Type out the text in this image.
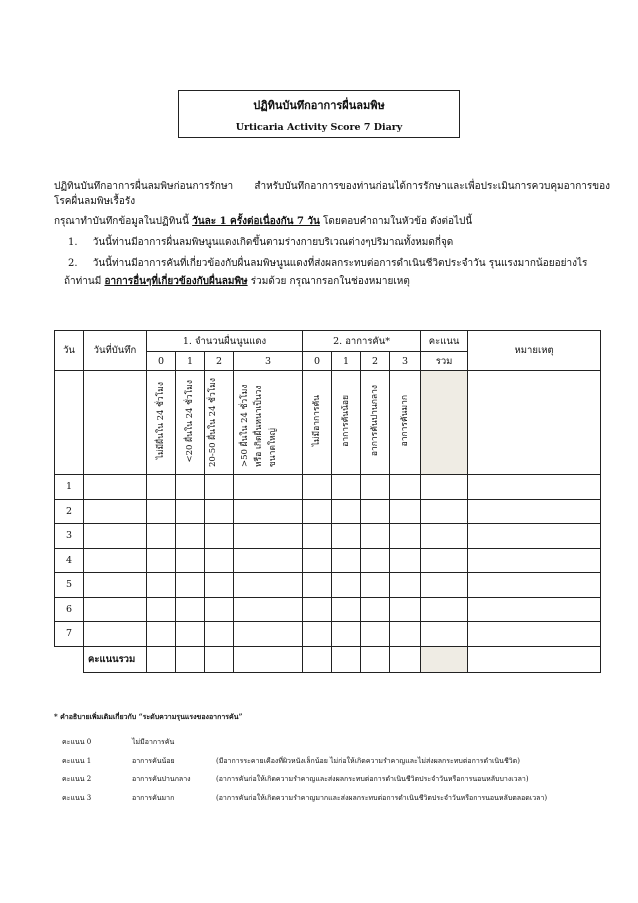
ปฏิทินบันทึกอาการผื่นลมพิษ
Urticaria Activity Score 7 Diary
ปฏิทินบันทึกอาการผื่นลมพิษก่อนการรักษา สำหรับบันทึกอาการของท่านก่อนได้การรักษาและเพื่อประเมินการควบคุมอาการของ
โรคผื่นลมพิษเรื้อรัง
กรุณาทำบันทึกข้อมูลในปฏิทินนี้ วันละ 1 ครั้งต่อเนื่องกัน 7 วัน โดยตอบคำถามในหัวข้อ ดังต่อไปนี้
1. วันนี้ท่านมีอาการผื่นลมพิษนูนแดงเกิดขึ้นตามร่างกายบริเวณต่างๆปริมาณทั้งหมดกี่จุด
2. วันนี้ท่านมีอาการคันที่เกี่ยวข้องกับผื่นลมพิษนูนแดงที่ส่งผลกระทบต่อการดำเนินชีวิตประจำวัน รุนแรงมากน้อยอย่างไร
ถ้าท่านมี อาการอื่นๆที่เกี่ยวข้องกับผื่นลมพิษ ร่วมด้วย กรุณากรอกในช่องหมายเหตุ
วัน	วันที่บันทึก	1. จำนวนผื่นนูนแดง				2. อาการคัน*				คะแนน	หมายเหตุ
		0	1	2	3	0	1	2	3	รวม	
		ไม่มีผื่นใน 24 ชั่วโมง	<20 ผื่นใน 24 ชั่วโมง	20-50 ผื่นใน 24 ชั่วโมง	>50 ผื่นใน 24 ชั่วโมง หรือ เกิดผื่นหนาเป็นวงขนาดใหญ่	ไม่มีอาการคัน	อาการคันน้อย	อาการคันปานกลาง	อาการคันมาก		
1											
2											
3											
4											
5											
6											
7											
	คะแนนรวม										
* คำอธิบายเพิ่มเติมเกี่ยวกับ “ระดับความรุนแรงของอาการคัน”
คะแนน 0	ไม่มีอาการคัน
คะแนน 1	อาการคันน้อย	(มีอาการระคายเคืองที่ผิวหนังเล็กน้อย ไม่ก่อให้เกิดความรำคาญและไม่ส่งผลกระทบต่อการดำเนินชีวิต)
คะแนน 2	อาการคันปานกลาง	(อาการคันก่อให้เกิดความรำคาญและส่งผลกระทบต่อการดำเนินชีวิตประจำวันหรือการนอนหลับบางเวลา)
คะแนน 3	อาการคันมาก	(อาการคันก่อให้เกิดความรำคาญมากและส่งผลกระทบต่อการดำเนินชีวิตประจำวันหรือการนอนหลับตลอดเวลา)
